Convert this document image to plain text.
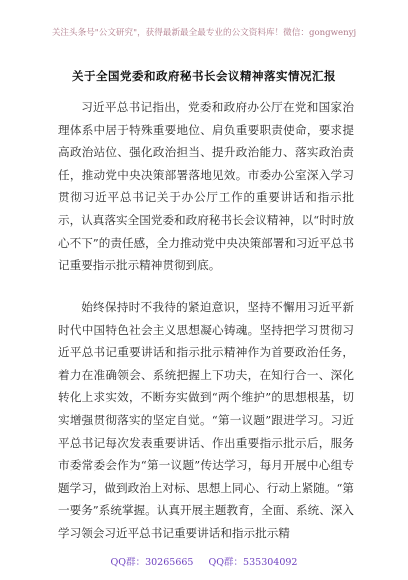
关注头条号"公文研究"，获得最新最全最专业的公文资料库！微信：gongwenyj
关于全国党委和政府秘书长会议精神落实情况汇报

习近平总书记指出，党委和政府办公厅在党和国家治理体系中居于特殊重要地位、肩负重要职责使命，要求提高政治站位、强化政治担当、提升政治能力、落实政治责任，推动党中央决策部署落地见效。市委办公室深入学习贯彻习近平总书记关于办公厅工作的重要讲话和指示批示，认真落实全国党委和政府秘书长会议精神，以“时时放心不下”的责任感，全力推动党中央决策部署和习近平总书记重要指示批示精神贯彻到底。

始终保持时不我待的紧迫意识，坚持不懈用习近平新时代中国特色社会主义思想凝心铸魂。坚持把学习贯彻习近平总书记重要讲话和指示批示精神作为首要政治任务，着力在准确领会、系统把握上下功夫，在知行合一、深化转化上求实效，不断夯实做到“两个维护”的思想根基，切实增强贯彻落实的坚定自觉。“第一议题”跟进学习。习近平总书记每次发表重要讲话、作出重要指示批示后，服务市委常委会作为“第一议题”传达学习，每月开展中心组专题学习，做到政治上对标、思想上同心、行动上紧随。“第一要务”系统掌握。认真开展主题教育，全面、系统、深入学习领会习近平总书记重要讲话和指示批示精

QQ群：30265665 QQ群：535304092
